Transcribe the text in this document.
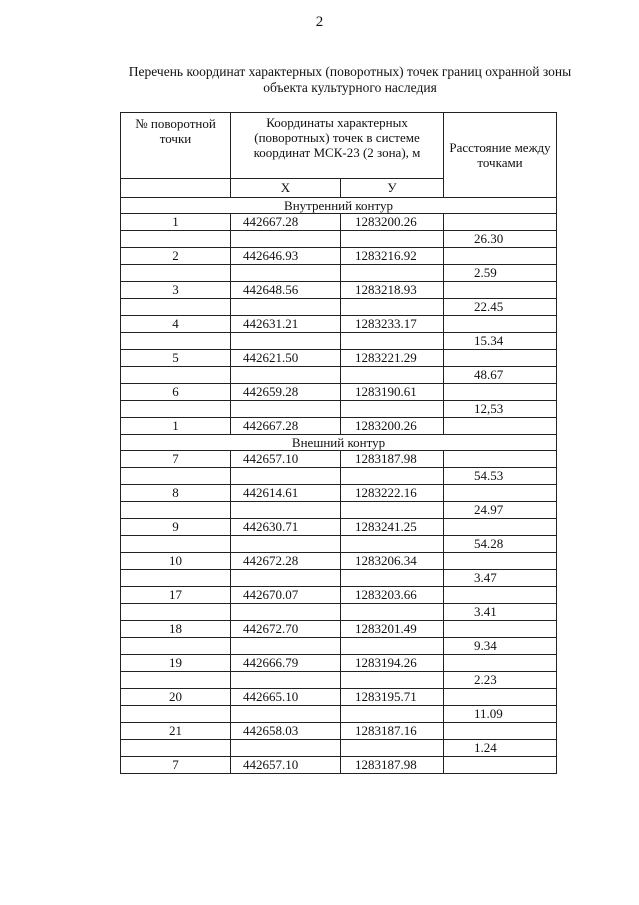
2
Перечень координат характерных (поворотных) точек границ охранной зоны
объекта культурного наследия
№ поворотной точки	Координаты характерных (поворотных) точек в системе координат МСК-23 (2 зона), м		Расстояние между точками
	X	У	
Внутренний контур			
1	442667.28	1283200.26	
			26.30
2	442646.93	1283216.92	
			2.59
3	442648.56	1283218.93	
			22.45
4	442631.21	1283233.17	
			15.34
5	442621.50	1283221.29	
			48.67
6	442659.28	1283190.61	
			12,53
1	442667.28	1283200.26	
Внешний контур			
7	442657.10	1283187.98	
			54.53
8	442614.61	1283222.16	
			24.97
9	442630.71	1283241.25	
			54.28
10	442672.28	1283206.34	
			3.47
17	442670.07	1283203.66	
			3.41
18	442672.70	1283201.49	
			9.34
19	442666.79	1283194.26	
			2.23
20	442665.10	1283195.71	
			11.09
21	442658.03	1283187.16	
			1.24
7	442657.10	1283187.98	
